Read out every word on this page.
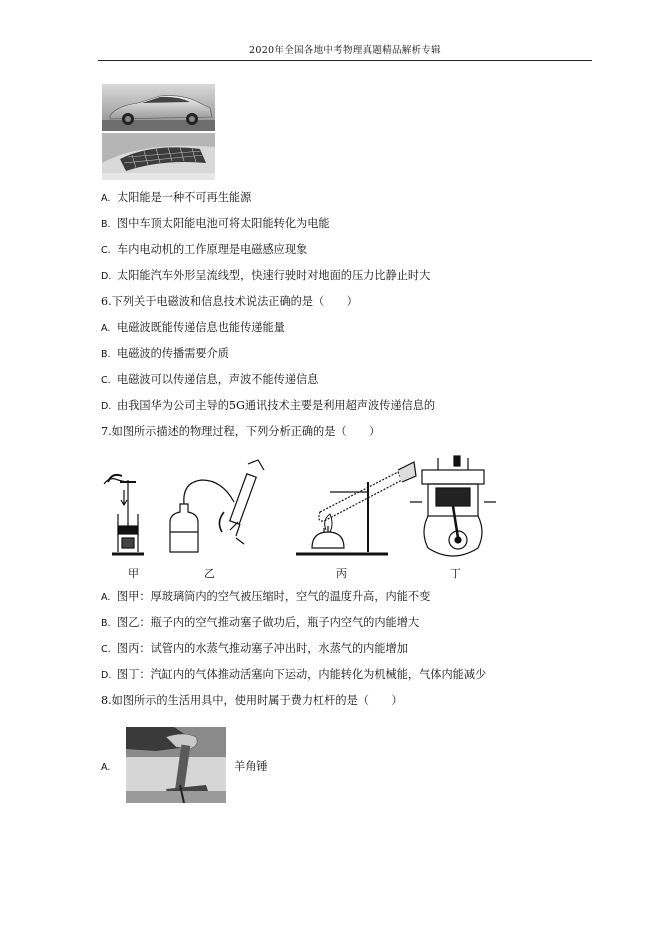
2020年全国各地中考物理真题精品解析专辑
A. 太阳能是一种不可再生能源
B. 图中车顶太阳能电池可将太阳能转化为电能
C. 车内电动机的工作原理是电磁感应现象
D. 太阳能汽车外形呈流线型，快速行驶时对地面的压力比静止时大
6.下列关于电磁波和信息技术说法正确的是（　　）
A. 电磁波既能传递信息也能传递能量
B. 电磁波的传播需要介质
C. 电磁波可以传递信息，声波不能传递信息
D. 由我国华为公司主导的5G通讯技术主要是利用超声波传递信息的
7.如图所示描述的物理过程，下列分析正确的是（　　）
甲	乙	丙	丁
A. 图甲：厚玻璃筒内的空气被压缩时，空气的温度升高，内能不变
B. 图乙：瓶子内的空气推动塞子做功后，瓶子内空气的内能增大
C. 图丙：试管内的水蒸气推动塞子冲出时，水蒸气的内能增加
D. 图丁：汽缸内的气体推动活塞向下运动，内能转化为机械能，气体内能减少
8.如图所示的生活用具中，使用时属于费力杠杆的是（　　）
A.	羊角锤
